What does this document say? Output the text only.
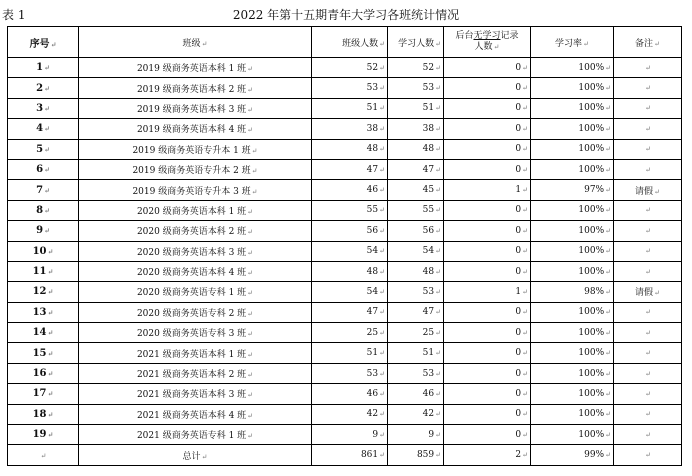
表 1	2022 年第十五期青年大学习各班统计情况
序号↵	班级↵	班级人数↵	学习人数↵	后台无学习记录
人数↵	学习率↵	备注↵
1↵	2019 级商务英语本科 1 班↵	52↵	52↵	0↵	100%↵	↵
2↵	2019 级商务英语本科 2 班↵	53↵	53↵	0↵	100%↵	↵
3↵	2019 级商务英语本科 3 班↵	51↵	51↵	0↵	100%↵	↵
4↵	2019 级商务英语本科 4 班↵	38↵	38↵	0↵	100%↵	↵
5↵	2019 级商务英语专升本 1 班↵	48↵	48↵	0↵	100%↵	↵
6↵	2019 级商务英语专升本 2 班↵	47↵	47↵	0↵	100%↵	↵
7↵	2019 级商务英语专升本 3 班↵	46↵	45↵	1↵	97%↵	请假↵
8↵	2020 级商务英语本科 1 班↵	55↵	55↵	0↵	100%↵	↵
9↵	2020 级商务英语本科 2 班↵	56↵	56↵	0↵	100%↵	↵
10↵	2020 级商务英语本科 3 班↵	54↵	54↵	0↵	100%↵	↵
11↵	2020 级商务英语本科 4 班↵	48↵	48↵	0↵	100%↵	↵
12↵	2020 级商务英语专科 1 班↵	54↵	53↵	1↵	98%↵	请假↵
13↵	2020 级商务英语专科 2 班↵	47↵	47↵	0↵	100%↵	↵
14↵	2020 级商务英语专科 3 班↵	25↵	25↵	0↵	100%↵	↵
15↵	2021 级商务英语本科 1 班↵	51↵	51↵	0↵	100%↵	↵
16↵	2021 级商务英语本科 2 班↵	53↵	53↵	0↵	100%↵	↵
17↵	2021 级商务英语本科 3 班↵	46↵	46↵	0↵	100%↵	↵
18↵	2021 级商务英语本科 4 班↵	42↵	42↵	0↵	100%↵	↵
19↵	2021 级商务英语专科 1 班↵	9↵	9↵	0↵	100%↵	↵
↵	总计↵	861↵	859↵	2↵	99%↵	↵
